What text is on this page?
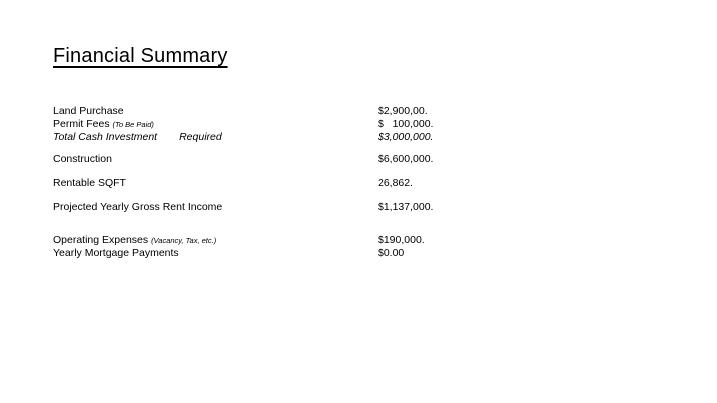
Financial Summary
Land Purchase	$2,900,00.
Permit Fees (To Be Paid)	$   100,000.
Total Cash Investment Required	$3,000,000.
Construction	$6,600,000.
Rentable SQFT	26,862.
Projected Yearly Gross Rent Income	$1,137,000.
Operating Expenses (Vacancy, Tax, etc.)	$190,000.
Yearly Mortgage Payments	$0.00
